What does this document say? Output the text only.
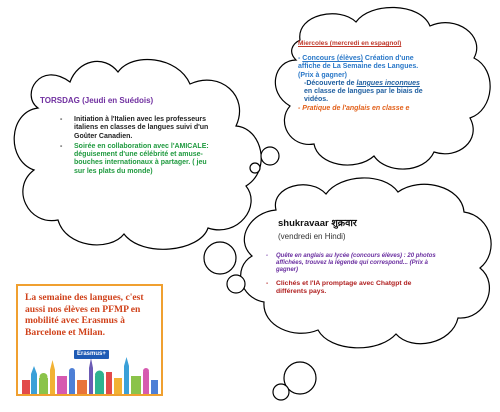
TORSDAG (Jeudi en Suédois)
- Initiation à l'Italien avec les professeurs italiens en classes de langues suivi d'un Goûter Canadien.
- Soirée en collaboration avec l'AMICALE: déguisement d'une célébrité et amuse-bouches internationaux à partager. ( jeu sur les plats du monde)
Miercoles (mercredi en espagnol)
- Concours (élèves) Création d'une affiche de La Semaine des Langues. (Prix à gagner)
-Découverte de langues inconnues en classe de langues par le biais de vidéos.
- Pratique de l'anglais en classe e
shukravaar शुक्रवार
(vendredi en Hindi)
- Quête en anglais au lycée (concours élèves) : 20 photos affichées, trouvez la légende qui correspond... (Prix à gagner)
- Clichés et l'IA promptage avec Chatgpt de différents pays.
La semaine des langues, c'est aussi nos élèves en PFMP en mobilité avec Erasmus à Barcelone et Milan.
Erasmus+
